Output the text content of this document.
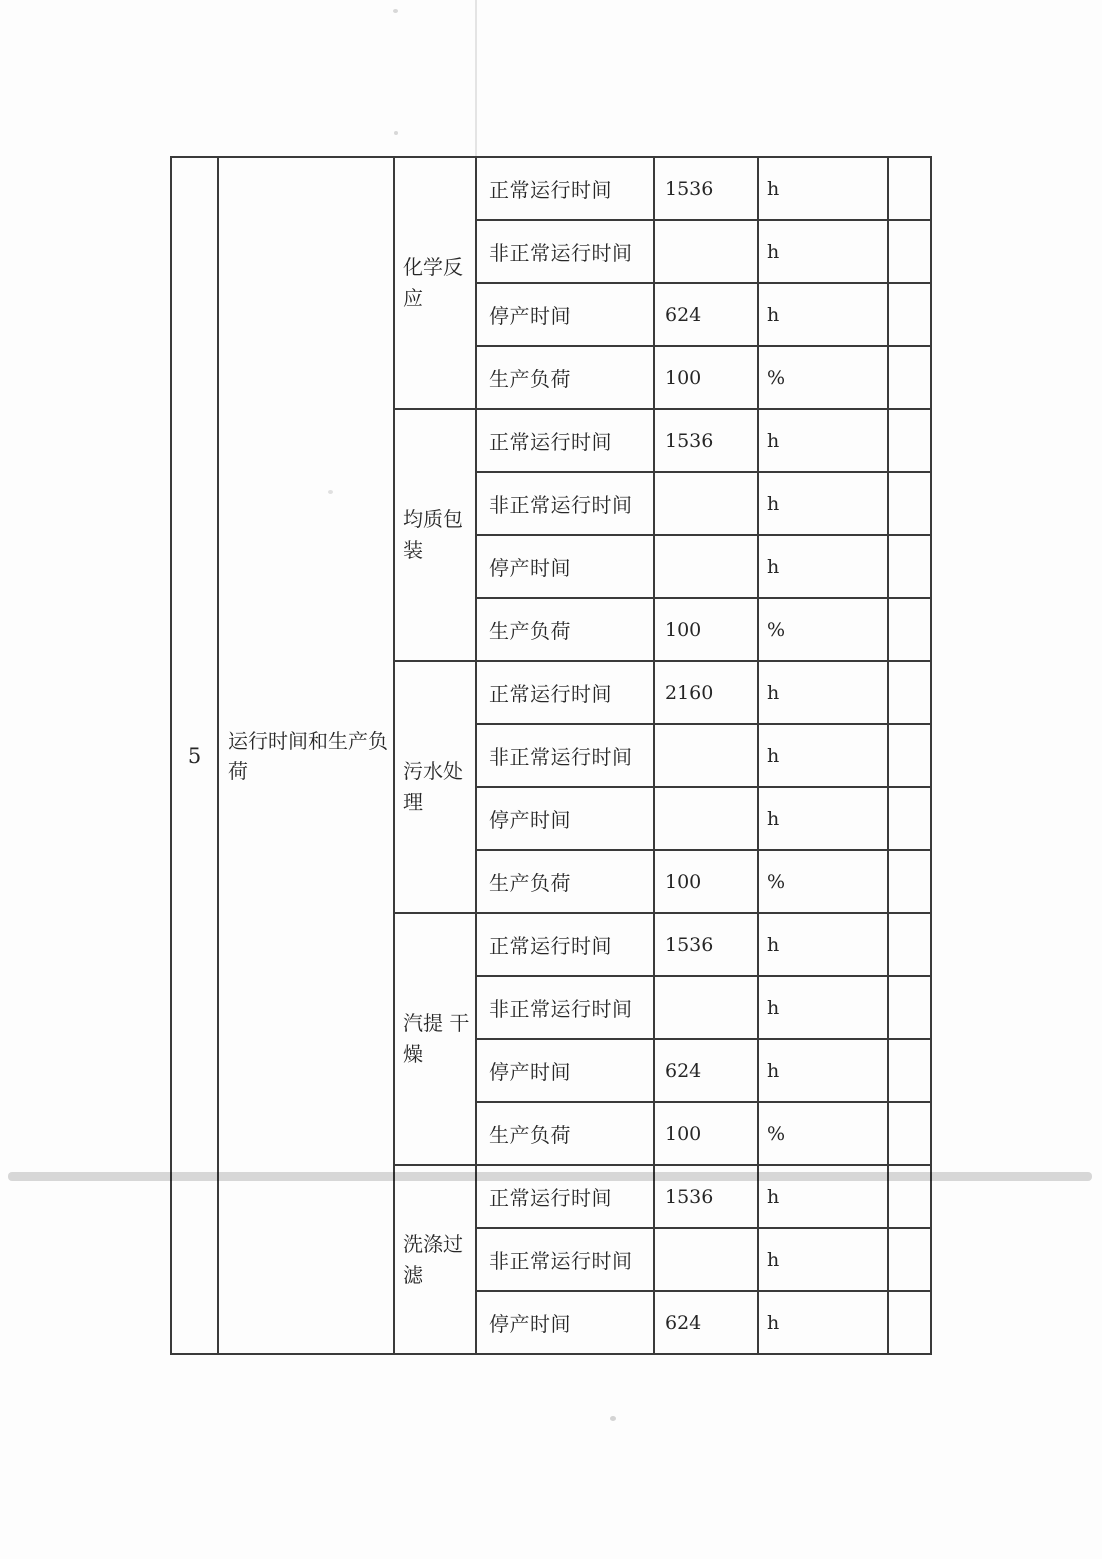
5	运行时间和生产负荷	化学反应	正常运行时间	1536	h	
			非正常运行时间		h	
			停产时间	624	h	
			生产负荷	100	%	
		均质包装	正常运行时间	1536	h	
			非正常运行时间		h	
			停产时间		h	
			生产负荷	100	%	
		污水处理	正常运行时间	2160	h	
			非正常运行时间		h	
			停产时间		h	
			生产负荷	100	%	
		汽提 干燥	正常运行时间	1536	h	
			非正常运行时间		h	
			停产时间	624	h	
			生产负荷	100	%	
		洗涤过滤	正常运行时间	1536	h	
			非正常运行时间		h	
			停产时间	624	h	
